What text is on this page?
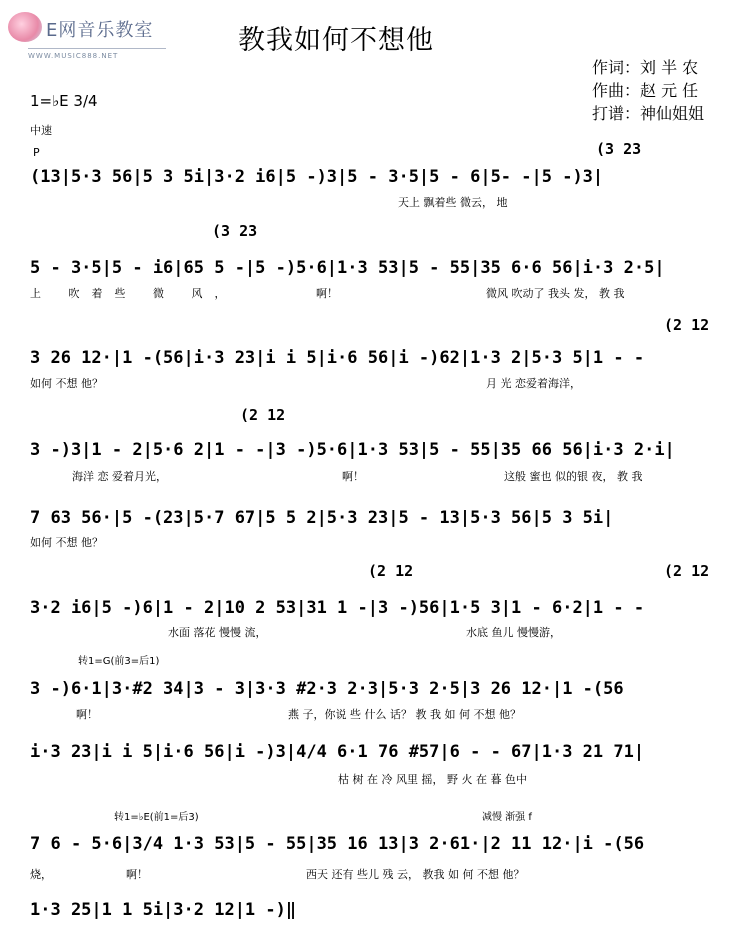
E网音乐教室
WWW.MUSIC888.NET	教我如何不想他
作词：刘 半 农
作曲：赵 元 任
打谱：神仙姐姐
1=♭E 3/4
中速
P	(3 23
(13|5·3 56|5 3 5i|3·2 i6|5 -)3|5 - 3·5|5 - 6|5- -|5 -)3|
天上 飘着些 微云， 地
(3 23
5 - 3·5|5 - i6|65 5 -|5 -)5·6|1·3 53|5 - 55|35 6·6 56|i·3 2·5|
上 吹着些 微 风，	啊！	微风 吹动了 我头 发， 教 我
(2 12
3 26 12·|1 -(56|i·3 23|i i 5|i·6 56|i -)62|1·3 2|5·3 5|1 - -
如何 不想 他？	月 光 恋爱着海洋，
(2 12
3 -)3|1 - 2|5·6 2|1 - -|3 -)5·6|1·3 53|5 - 55|35 66 56|i·3 2·i|
海洋 恋 爱着月光，	啊！	这般 蜜也 似的银 夜， 教 我
7 63 56·|5 -(23|5·7 67|5 5 2|5·3 23|5 - 13|5·3 56|5 3 5i|
如何 不想 他？
(2 12	(2 12
3·2 i6|5 -)6|1 - 2|10 2 53|31 1 -|3 -)56|1·5 3|1 - 6·2|1 - -
水面 落花 慢慢 流，	水底 鱼儿 慢慢游，
转1=G(前3=后1)
3 -)6·1|3·#2 34|3 - 3|3·3 #2·3 2·3|5·3 2·5|3 26 12·|1 -(56
啊！	燕 子，你说 些 什么 话？ 教 我 如 何 不想 他？
i·3 23|i i 5|i·6 56|i -)3|4/4 6·1 76 #57|6 - - 67|1·3 21 71|
枯 树 在 冷 风里 摇， 野 火 在 暮 色中
转1=♭E(前1=后3)	减慢 渐强 f
7 6 - 5·6|3/4 1·3 53|5 - 55|35 16 13|3 2·61·|2 11 12·|i -(56
烧，	啊！	西天 还有 些儿 残 云， 教我 如 何 不想 他？
1·3 25|1 1 5i|3·2 12|1 -)‖
